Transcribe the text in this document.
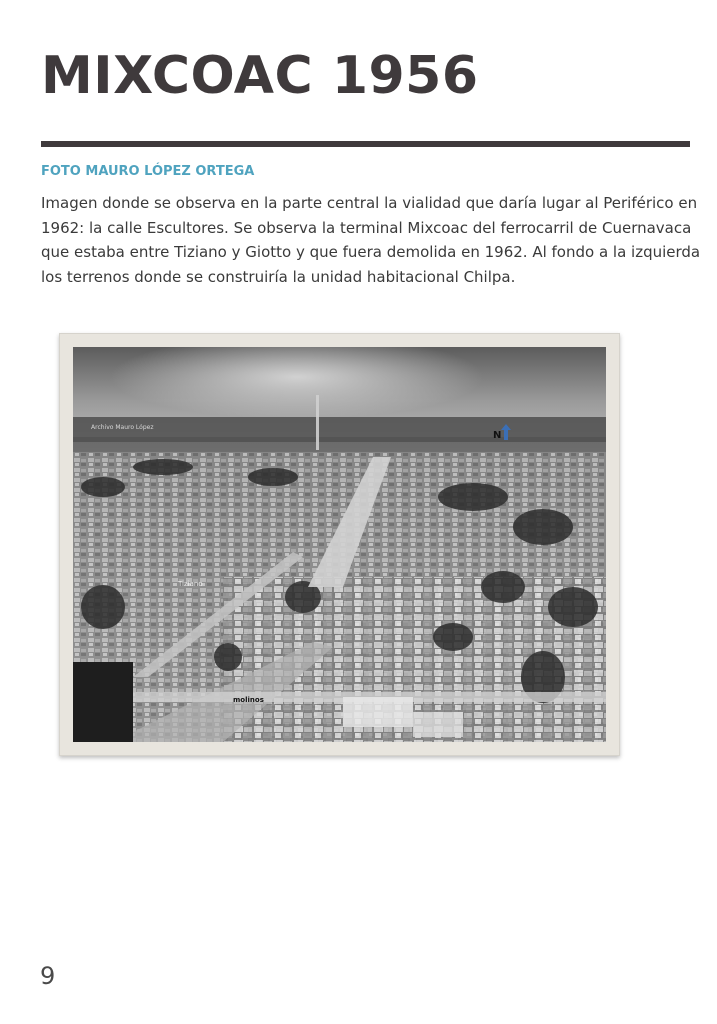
MIXCOAC 1956
FOTO MAURO LÓPEZ ORTEGA

Imagen donde se observa en la parte central la vialidad que daría lugar al Periférico en 1962: la calle Escultores. Se observa la terminal Mixcoac del ferrocarril de Cuernavaca que estaba entre Tiziano y Giotto y que fuera demolida en 1962. Al fondo a la izquierda los terrenos donde se construiría la unidad habitacional Chilpa.

Archivo Mauro López
N
Tiziano
molinos
9
